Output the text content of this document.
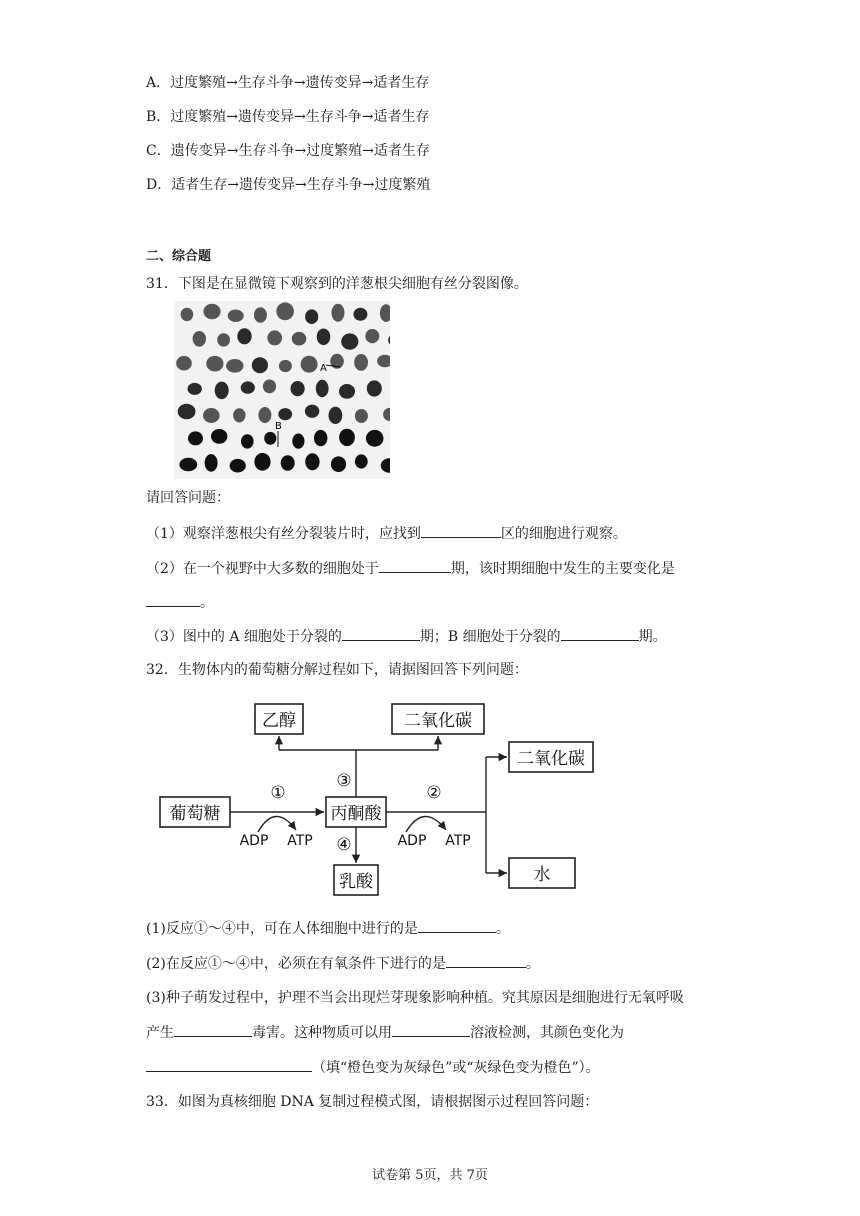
A．过度繁殖→生存斗争→遗传变异→适者生存
B．过度繁殖→遗传变异→生存斗争→适者生存
C．遗传变异→生存斗争→过度繁殖→适者生存
D．适者生存→遗传变异→生存斗争→过度繁殖
二、综合题
31．下图是在显微镜下观察到的洋葱根尖细胞有丝分裂图像。
A
B
请回答问题：
（1）观察洋葱根尖有丝分裂装片时，应找到	区的细胞进行观察。
（2）在一个视野中大多数的细胞处于	期，该时期细胞中发生的主要变化是
。
（3）图中的 A 细胞处于分裂的	期；B 细胞处于分裂的	期。
32．生物体内的葡萄糖分解过程如下，请据图回答下列问题：
乙醇	二氧化碳
葡萄糖	丙酮酸
二氧化碳
水
乳酸
①
ADP ATP
③
④
②
ADP ATP
(1)反应①～④中，可在人体细胞中进行的是	。
(2)在反应①～④中，必须在有氧条件下进行的是	。
(3)种子萌发过程中，护理不当会出现烂芽现象影响种植。究其原因是细胞进行无氧呼吸
产生	毒害。这种物质可以用	溶液检测，其颜色变化为
（填“橙色变为灰绿色”或“灰绿色变为橙色”）。
33．如图为真核细胞 DNA 复制过程模式图，请根据图示过程回答问题：
试卷第 5页，共 7页
